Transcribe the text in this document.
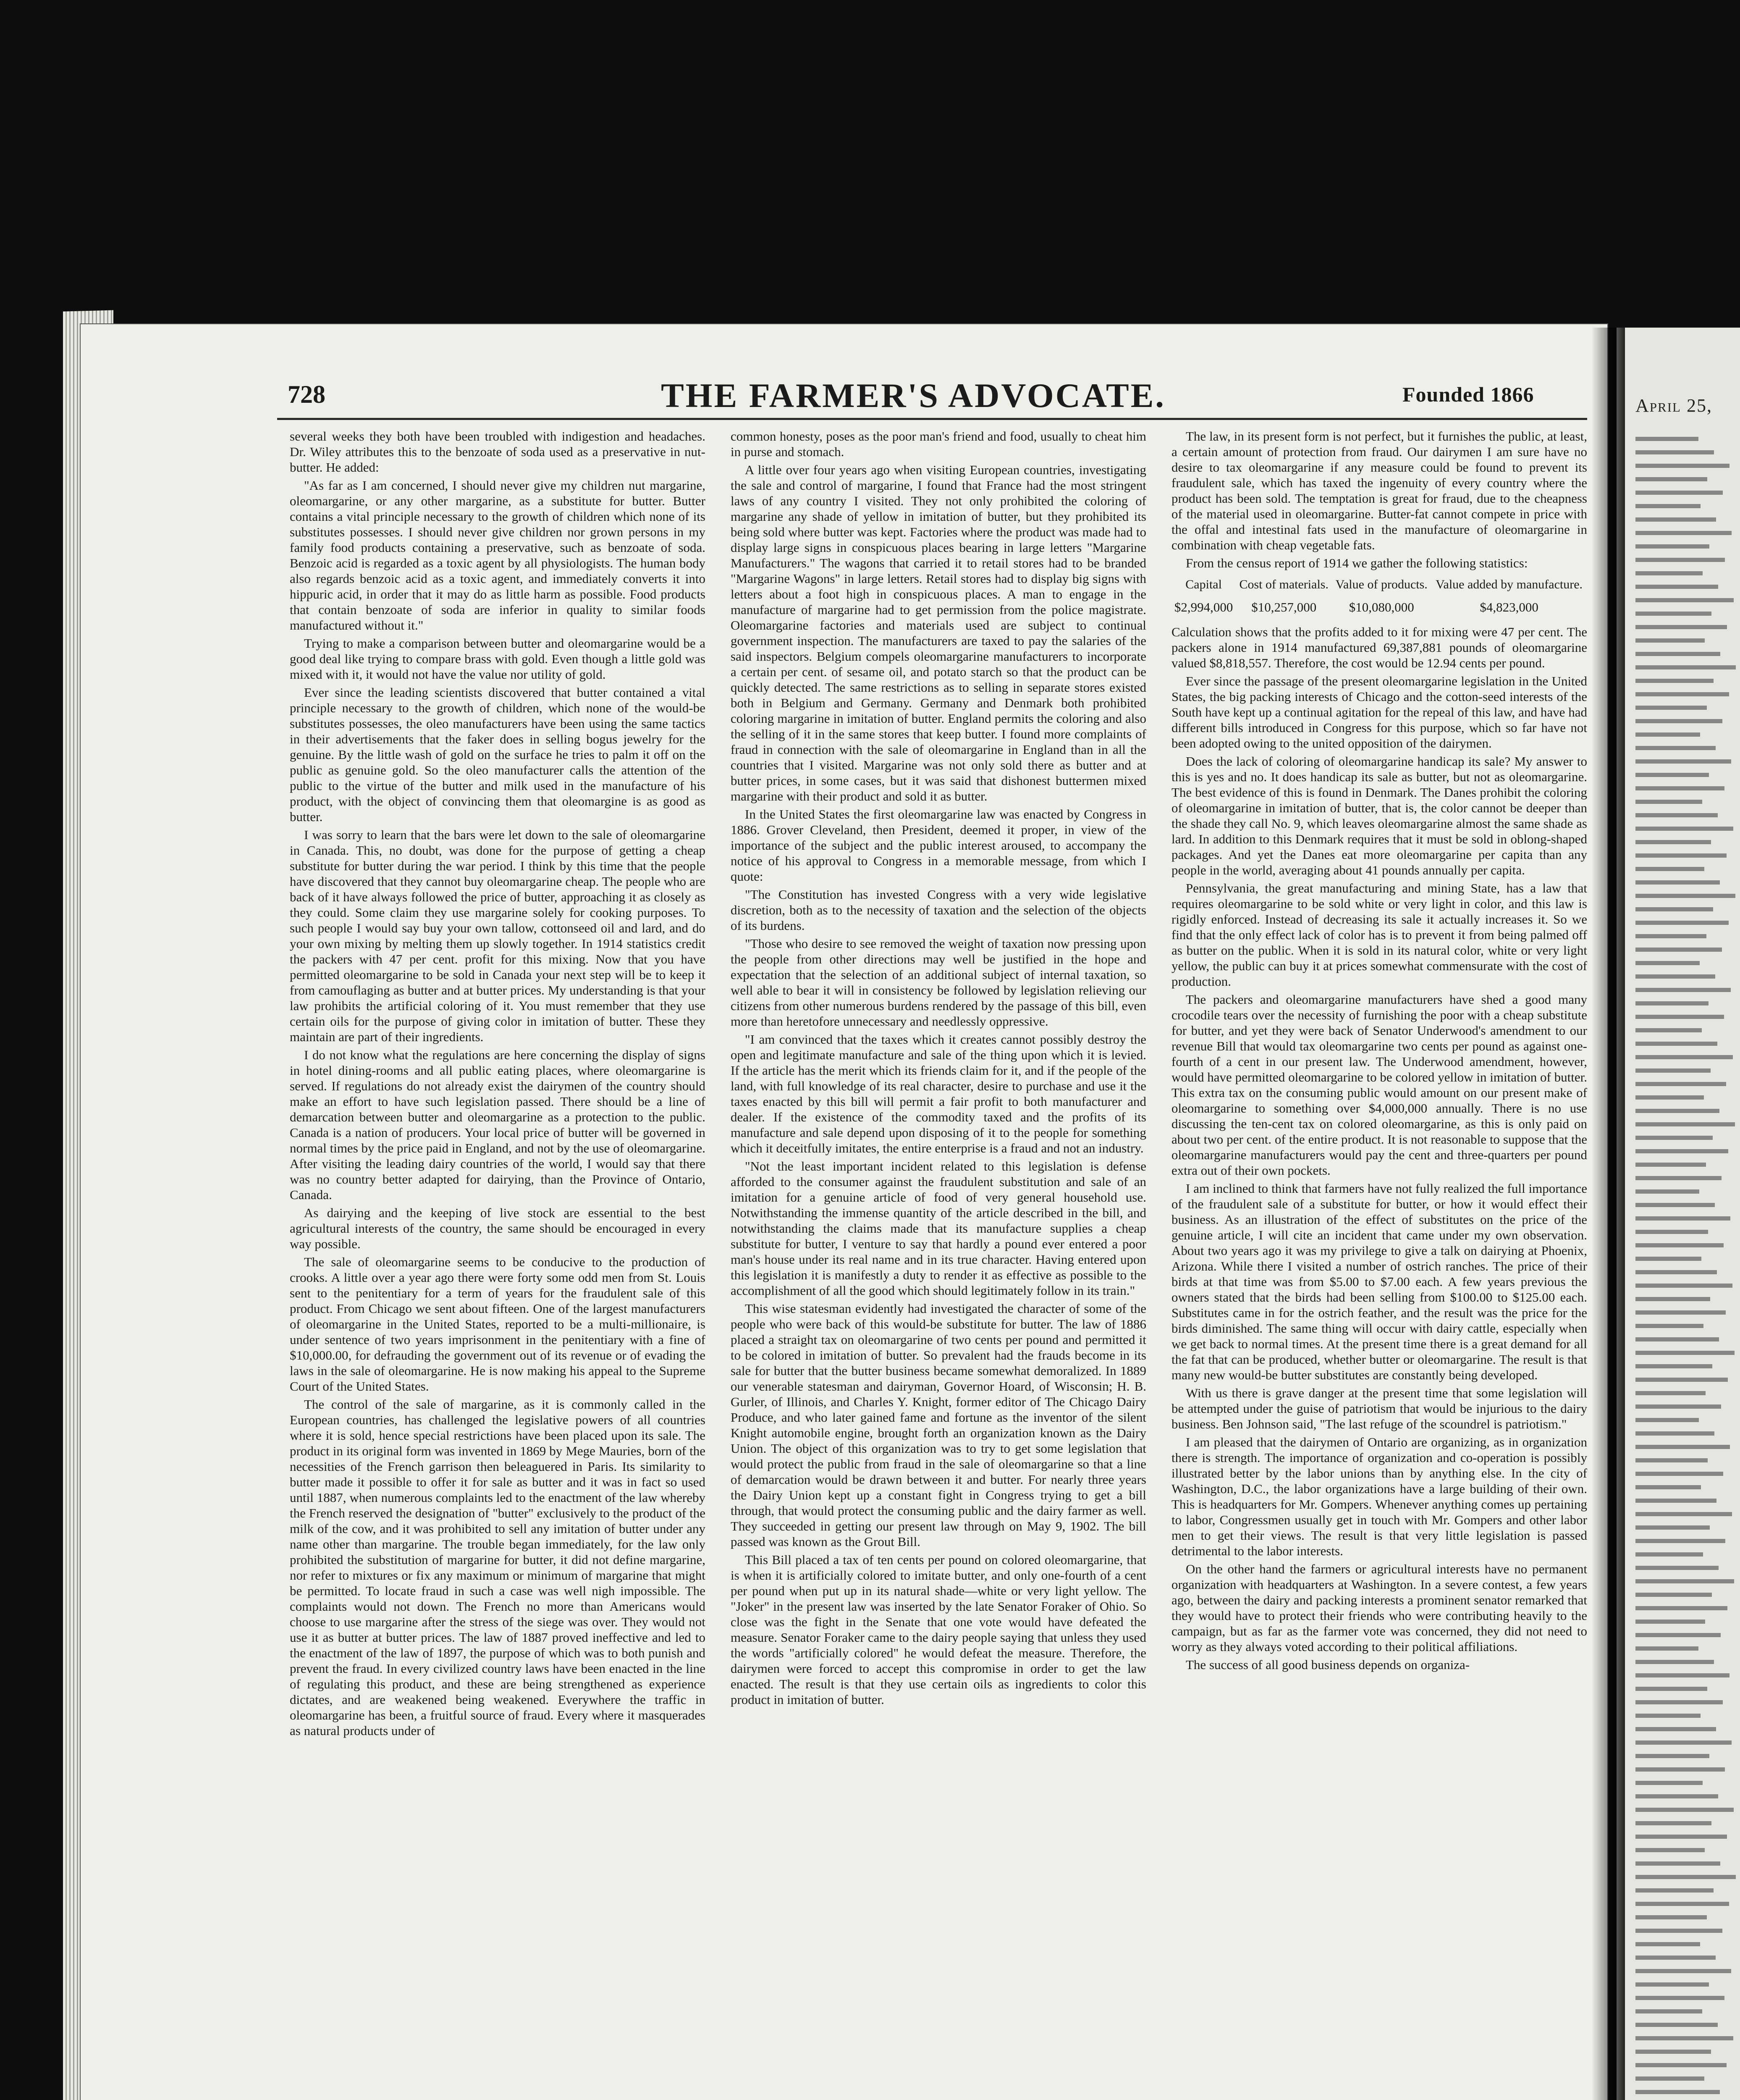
April 25,
728	THE FARMER'S ADVOCATE.	Founded 1866

several weeks they both have been troubled with indigestion and headaches. Dr. Wiley attributes this to the benzoate of soda used as a preservative in nut-butter. He added:

"As far as I am concerned, I should never give my children nut margarine, oleomargarine, or any other margarine, as a substitute for butter. Butter contains a vital principle necessary to the growth of children which none of its substitutes possesses. I should never give children nor grown persons in my family food products containing a preservative, such as benzoate of soda. Benzoic acid is regarded as a toxic agent by all physiologists. The human body also regards benzoic acid as a toxic agent, and immediately converts it into hippuric acid, in order that it may do as little harm as possible. Food products that contain benzoate of soda are inferior in quality to similar foods manufactured without it."

Trying to make a comparison between butter and oleomargarine would be a good deal like trying to compare brass with gold. Even though a little gold was mixed with it, it would not have the value nor utility of gold.

Ever since the leading scientists discovered that butter contained a vital principle necessary to the growth of children, which none of the would-be substitutes possesses, the oleo manufacturers have been using the same tactics in their advertisements that the faker does in selling bogus jewelry for the genuine. By the little wash of gold on the surface he tries to palm it off on the public as genuine gold. So the oleo manufacturer calls the attention of the public to the virtue of the butter and milk used in the manufacture of his product, with the object of convincing them that oleomargine is as good as butter.

I was sorry to learn that the bars were let down to the sale of oleomargarine in Canada. This, no doubt, was done for the purpose of getting a cheap substitute for butter during the war period. I think by this time that the people have discovered that they cannot buy oleomargarine cheap. The people who are back of it have always followed the price of butter, approaching it as closely as they could. Some claim they use margarine solely for cooking purposes. To such people I would say buy your own tallow, cottonseed oil and lard, and do your own mixing by melting them up slowly together. In 1914 statistics credit the packers with 47 per cent. profit for this mixing. Now that you have permitted oleomargarine to be sold in Canada your next step will be to keep it from camouflaging as butter and at butter prices. My understanding is that your law prohibits the artificial coloring of it. You must remember that they use certain oils for the purpose of giving color in imitation of butter. These they maintain are part of their ingredients.

I do not know what the regulations are here concerning the display of signs in hotel dining-rooms and all public eating places, where oleomargarine is served. If regulations do not already exist the dairymen of the country should make an effort to have such legislation passed. There should be a line of demarcation between butter and oleomargarine as a protection to the public. Canada is a nation of producers. Your local price of butter will be governed in normal times by the price paid in England, and not by the use of oleomargarine. After visiting the leading dairy countries of the world, I would say that there was no country better adapted for dairying, than the Province of Ontario, Canada.

As dairying and the keeping of live stock are essential to the best agricultural interests of the country, the same should be encouraged in every way possible.

The sale of oleomargarine seems to be conducive to the production of crooks. A little over a year ago there were forty some odd men from St. Louis sent to the penitentiary for a term of years for the fraudulent sale of this product. From Chicago we sent about fifteen. One of the largest manufacturers of oleomargarine in the United States, reported to be a multi-millionaire, is under sentence of two years imprisonment in the penitentiary with a fine of $10,000.00, for defrauding the government out of its revenue or of evading the laws in the sale of oleomargarine. He is now making his appeal to the Supreme Court of the United States.

The control of the sale of margarine, as it is commonly called in the European countries, has challenged the legislative powers of all countries where it is sold, hence special restrictions have been placed upon its sale. The product in its original form was invented in 1869 by Mege Mauries, born of the necessities of the French garrison then beleaguered in Paris. Its similarity to butter made it possible to offer it for sale as butter and it was in fact so used until 1887, when numerous complaints led to the enactment of the law whereby the French reserved the designation of "butter" exclusively to the product of the milk of the cow, and it was prohibited to sell any imitation of butter under any name other than margarine. The trouble began immediately, for the law only prohibited the substitution of margarine for butter, it did not define margarine, nor refer to mixtures or fix any maximum or minimum of margarine that might be permitted. To locate fraud in such a case was well nigh impossible. The complaints would not down. The French no more than Americans would choose to use margarine after the stress of the siege was over. They would not use it as butter at butter prices. The law of 1887 proved ineffective and led to the enactment of the law of 1897, the purpose of which was to both punish and prevent the fraud. In every civilized country laws have been enacted in the line of regulating this product, and these are being strengthened as experience dictates, and are weakened being weakened. Everywhere the traffic in oleomargarine has been, a fruitful source of fraud. Every where it masquerades as natural products under of

common honesty, poses as the poor man's friend and food, usually to cheat him in purse and stomach.

A little over four years ago when visiting European countries, investigating the sale and control of margarine, I found that France had the most stringent laws of any country I visited. They not only prohibited the coloring of margarine any shade of yellow in imitation of butter, but they prohibited its being sold where butter was kept. Factories where the product was made had to display large signs in conspicuous places bearing in large letters "Margarine Manufacturers." The wagons that carried it to retail stores had to be branded "Margarine Wagons" in large letters. Retail stores had to display big signs with letters about a foot high in conspicuous places. A man to engage in the manufacture of margarine had to get permission from the police magistrate. Oleomargarine factories and materials used are subject to continual government inspection. The manufacturers are taxed to pay the salaries of the said inspectors. Belgium compels oleomargarine manufacturers to incorporate a certain per cent. of sesame oil, and potato starch so that the product can be quickly detected. The same restrictions as to selling in separate stores existed both in Belgium and Germany. Germany and Denmark both prohibited coloring margarine in imitation of butter. England permits the coloring and also the selling of it in the same stores that keep butter. I found more complaints of fraud in connection with the sale of oleomargarine in England than in all the countries that I visited. Margarine was not only sold there as butter and at butter prices, in some cases, but it was said that dishonest buttermen mixed margarine with their product and sold it as butter.

In the United States the first oleomargarine law was enacted by Congress in 1886. Grover Cleveland, then President, deemed it proper, in view of the importance of the subject and the public interest aroused, to accompany the notice of his approval to Congress in a memorable message, from which I quote:

"The Constitution has invested Congress with a very wide legislative discretion, both as to the necessity of taxation and the selection of the objects of its burdens.

"Those who desire to see removed the weight of taxation now pressing upon the people from other directions may well be justified in the hope and expectation that the selection of an additional subject of internal taxation, so well able to bear it will in consistency be followed by legislation relieving our citizens from other numerous burdens rendered by the passage of this bill, even more than heretofore unnecessary and needlessly oppressive.

"I am convinced that the taxes which it creates cannot possibly destroy the open and legitimate manufacture and sale of the thing upon which it is levied. If the article has the merit which its friends claim for it, and if the people of the land, with full knowledge of its real character, desire to purchase and use it the taxes enacted by this bill will permit a fair profit to both manufacturer and dealer. If the existence of the commodity taxed and the profits of its manufacture and sale depend upon disposing of it to the people for something which it deceitfully imitates, the entire enterprise is a fraud and not an industry.

"Not the least important incident related to this legislation is defense afforded to the consumer against the fraudulent substitution and sale of an imitation for a genuine article of food of very general household use. Notwithstanding the immense quantity of the article described in the bill, and notwithstanding the claims made that its manufacture supplies a cheap substitute for butter, I venture to say that hardly a pound ever entered a poor man's house under its real name and in its true character. Having entered upon this legislation it is manifestly a duty to render it as effective as possible to the accomplishment of all the good which should legitimately follow in its train."

This wise statesman evidently had investigated the character of some of the people who were back of this would-be substitute for butter. The law of 1886 placed a straight tax on oleomargarine of two cents per pound and permitted it to be colored in imitation of butter. So prevalent had the frauds become in its sale for butter that the butter business became somewhat demoralized. In 1889 our venerable statesman and dairyman, Governor Hoard, of Wisconsin; H. B. Gurler, of Illinois, and Charles Y. Knight, former editor of The Chicago Dairy Produce, and who later gained fame and fortune as the inventor of the silent Knight automobile engine, brought forth an organization known as the Dairy Union. The object of this organization was to try to get some legislation that would protect the public from fraud in the sale of oleomargarine so that a line of demarcation would be drawn between it and butter. For nearly three years the Dairy Union kept up a constant fight in Congress trying to get a bill through, that would protect the consuming public and the dairy farmer as well. They succeeded in getting our present law through on May 9, 1902. The bill passed was known as the Grout Bill.

This Bill placed a tax of ten cents per pound on colored oleomargarine, that is when it is artificially colored to imitate butter, and only one-fourth of a cent per pound when put up in its natural shade—white or very light yellow. The "Joker" in the present law was inserted by the late Senator Foraker of Ohio. So close was the fight in the Senate that one vote would have defeated the measure. Senator Foraker came to the dairy people saying that unless they used the words "artificially colored" he would defeat the measure. Therefore, the dairymen were forced to accept this compromise in order to get the law enacted. The result is that they use certain oils as ingredients to color this product in imitation of butter.

The law, in its present form is not perfect, but it furnishes the public, at least, a certain amount of protection from fraud. Our dairymen I am sure have no desire to tax oleomargarine if any measure could be found to prevent its fraudulent sale, which has taxed the ingenuity of every country where the product has been sold. The temptation is great for fraud, due to the cheapness of the material used in oleomargarine. Butter-fat cannot compete in price with the offal and intestinal fats used in the manufacture of oleomargarine in combination with cheap vegetable fats.

From the census report of 1914 we gather the following statistics:

Capital	Cost of materials.	Value of products.	Value added by manufacture.
$2,994,000	$10,257,000	$10,080,000	$4,823,000

Calculation shows that the profits added to it for mixing were 47 per cent. The packers alone in 1914 manufactured 69,387,881 pounds of oleomargarine valued $8,818,557. Therefore, the cost would be 12.94 cents per pound.

Ever since the passage of the present oleomargarine legislation in the United States, the big packing interests of Chicago and the cotton-seed interests of the South have kept up a continual agitation for the repeal of this law, and have had different bills introduced in Congress for this purpose, which so far have not been adopted owing to the united opposition of the dairymen.

Does the lack of coloring of oleomargarine handicap its sale? My answer to this is yes and no. It does handicap its sale as butter, but not as oleomargarine. The best evidence of this is found in Denmark. The Danes prohibit the coloring of oleomargarine in imitation of butter, that is, the color cannot be deeper than the shade they call No. 9, which leaves oleomargarine almost the same shade as lard. In addition to this Denmark requires that it must be sold in oblong-shaped packages. And yet the Danes eat more oleomargarine per capita than any people in the world, averaging about 41 pounds annually per capita.

Pennsylvania, the great manufacturing and mining State, has a law that requires oleomargarine to be sold white or very light in color, and this law is rigidly enforced. Instead of decreasing its sale it actually increases it. So we find that the only effect lack of color has is to prevent it from being palmed off as butter on the public. When it is sold in its natural color, white or very light yellow, the public can buy it at prices somewhat commensurate with the cost of production.

The packers and oleomargarine manufacturers have shed a good many crocodile tears over the necessity of furnishing the poor with a cheap substitute for butter, and yet they were back of Senator Underwood's amendment to our revenue Bill that would tax oleomargarine two cents per pound as against one-fourth of a cent in our present law. The Underwood amendment, however, would have permitted oleomargarine to be colored yellow in imitation of butter. This extra tax on the consuming public would amount on our present make of oleomargarine to something over $4,000,000 annually. There is no use discussing the ten-cent tax on colored oleomargarine, as this is only paid on about two per cent. of the entire product. It is not reasonable to suppose that the oleomargarine manufacturers would pay the cent and three-quarters per pound extra out of their own pockets.

I am inclined to think that farmers have not fully realized the full importance of the fraudulent sale of a substitute for butter, or how it would effect their business. As an illustration of the effect of substitutes on the price of the genuine article, I will cite an incident that came under my own observation. About two years ago it was my privilege to give a talk on dairying at Phoenix, Arizona. While there I visited a number of ostrich ranches. The price of their birds at that time was from $5.00 to $7.00 each. A few years previous the owners stated that the birds had been selling from $100.00 to $125.00 each. Substitutes came in for the ostrich feather, and the result was the price for the birds diminished. The same thing will occur with dairy cattle, especially when we get back to normal times. At the present time there is a great demand for all the fat that can be produced, whether butter or oleomargarine. The result is that many new would-be butter substitutes are constantly being developed.

With us there is grave danger at the present time that some legislation will be attempted under the guise of patriotism that would be injurious to the dairy business. Ben Johnson said, "The last refuge of the scoundrel is patriotism."

I am pleased that the dairymen of Ontario are organizing, as in organization there is strength. The importance of organization and co-operation is possibly illustrated better by the labor unions than by anything else. In the city of Washington, D.C., the labor organizations have a large building of their own. This is headquarters for Mr. Gompers. Whenever anything comes up pertaining to labor, Congressmen usually get in touch with Mr. Gompers and other labor men to get their views. The result is that very little legislation is passed detrimental to the labor interests.

On the other hand the farmers or agricultural interests have no permanent organization with headquarters at Washington. In a severe contest, a few years ago, between the dairy and packing interests a prominent senator remarked that they would have to protect their friends who were contributing heavily to the campaign, but as far as the farmer vote was concerned, they did not need to worry as they always voted according to their political affiliations.

The success of all good business depends on organiza-
